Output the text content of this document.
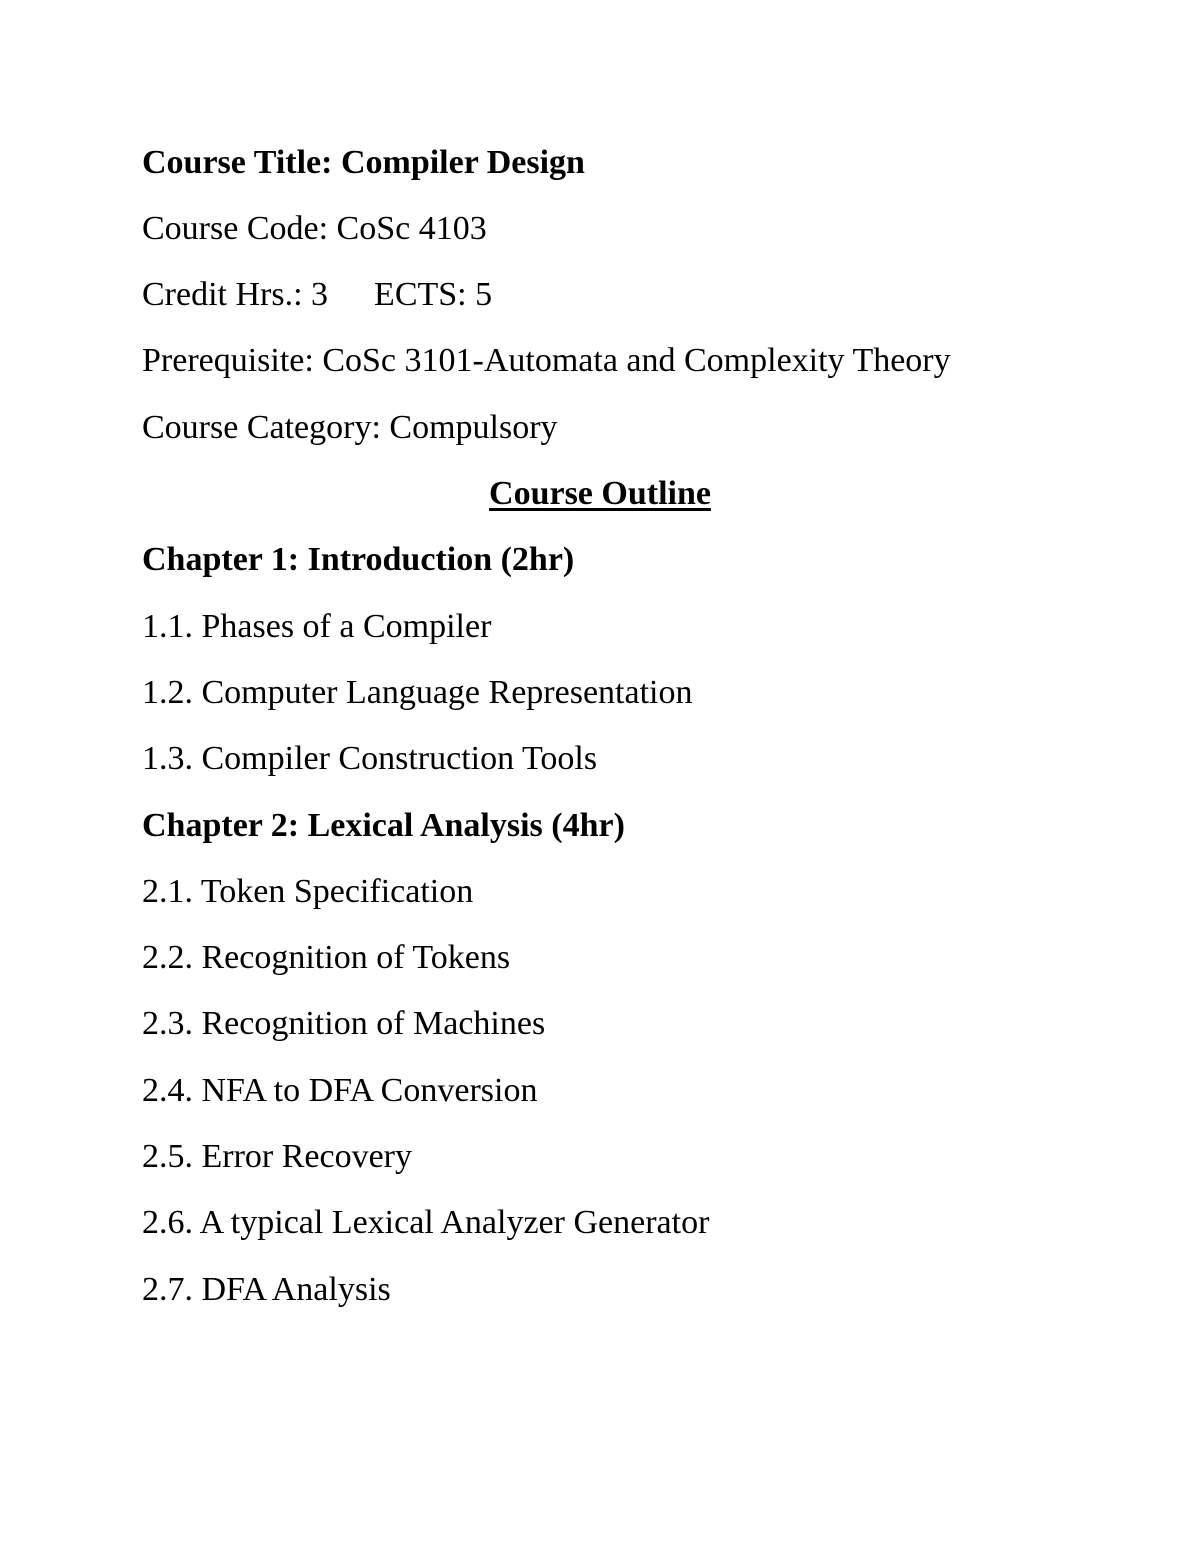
Course Title: Compiler Design

Course Code: CoSc 4103

Credit Hrs.: 3 ECTS: 5

Prerequisite: CoSc 3101-Automata and Complexity Theory

Course Category: Compulsory

Course Outline
Chapter 1: Introduction (2hr)

1.1. Phases of a Compiler

1.2. Computer Language Representation

1.3. Compiler Construction Tools

Chapter 2: Lexical Analysis (4hr)

2.1. Token Specification

2.2. Recognition of Tokens

2.3. Recognition of Machines

2.4. NFA to DFA Conversion

2.5. Error Recovery

2.6. A typical Lexical Analyzer Generator

2.7. DFA Analysis
